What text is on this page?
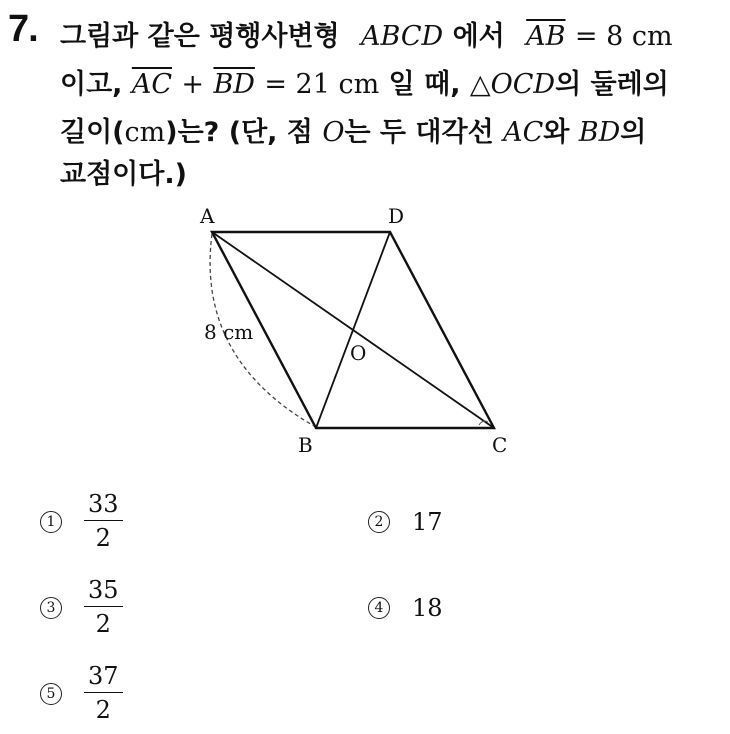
7. 그림과 같은 평행사변형 ABCD 에서 $\overline{AB} = 8$ cm
이고, $\overline{AC} + \overline{BD} = 21$ cm 일 때, △OCD의 둘레의
길이(cm)는? (단, 점 O는 두 대각선 AC와 BD의
교점이다.)
A	D
B	C
O
8 cm
$1 \frac{33}{2}$	2 17
$3 \frac{35}{2}$	4 18
$5 \frac{37}{2}$
